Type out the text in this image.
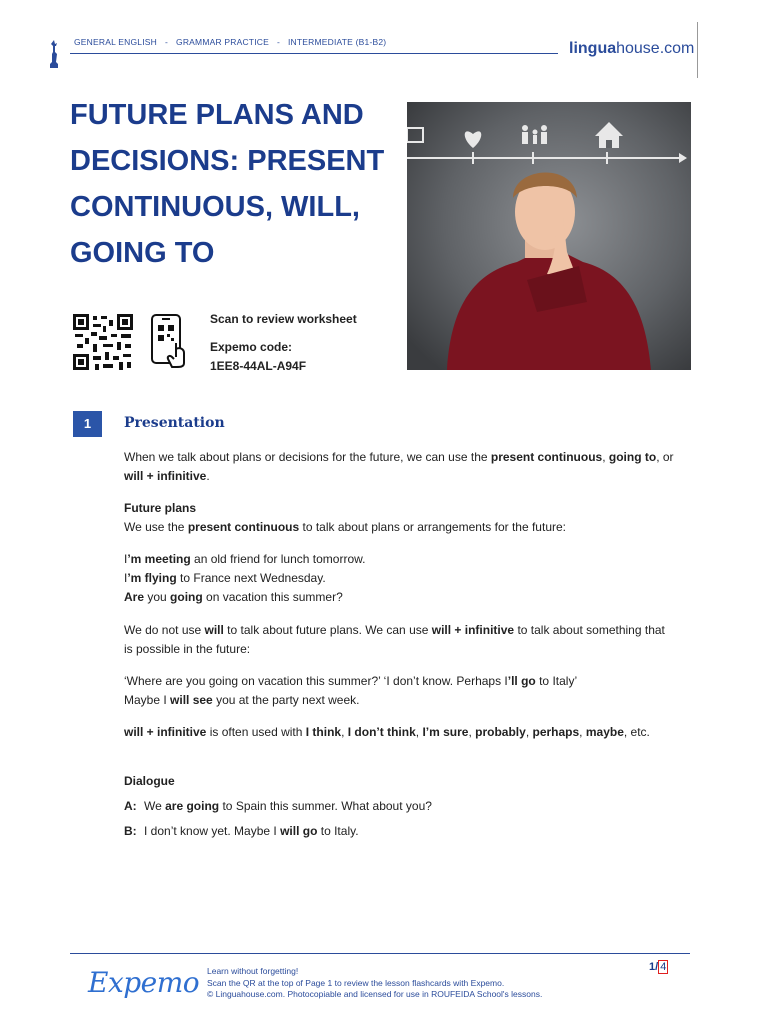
GENERAL ENGLISH - GRAMMAR PRACTICE - INTERMEDIATE (B1-B2)	linguahouse.com
FUTURE PLANS AND
DECISIONS: PRESENT
CONTINUOUS, WILL,
GOING TO
Scan to review worksheet
Expemo code:
1EE8-44AL-A94F
1	Presentation
When we talk about plans or decisions for the future, we can use the present continuous, going to, or
will + infinitive.
Future plans
We use the present continuous to talk about plans or arrangements for the future:
I’m meeting an old friend for lunch tomorrow.
I’m flying to France next Wednesday.
Are you going on vacation this summer?
We do not use will to talk about future plans. We can use will + infinitive to talk about something that
is possible in the future:
‘Where are you going on vacation this summer?’ ‘I don’t know. Perhaps I’ll go to Italy’
Maybe I will see you at the party next week.
will + infinitive is often used with I think, I don’t think, I’m sure, probably, perhaps, maybe, etc.
Dialogue
A: We are going to Spain this summer. What about you?
B: I don’t know yet. Maybe I will go to Italy.
Expemo Learn without forgetting!
Scan the QR at the top of Page 1 to review the lesson flashcards with Expemo.
© Linguahouse.com. Photocopiable and licensed for use in ROUFEIDA School's lessons.
1/ 4
